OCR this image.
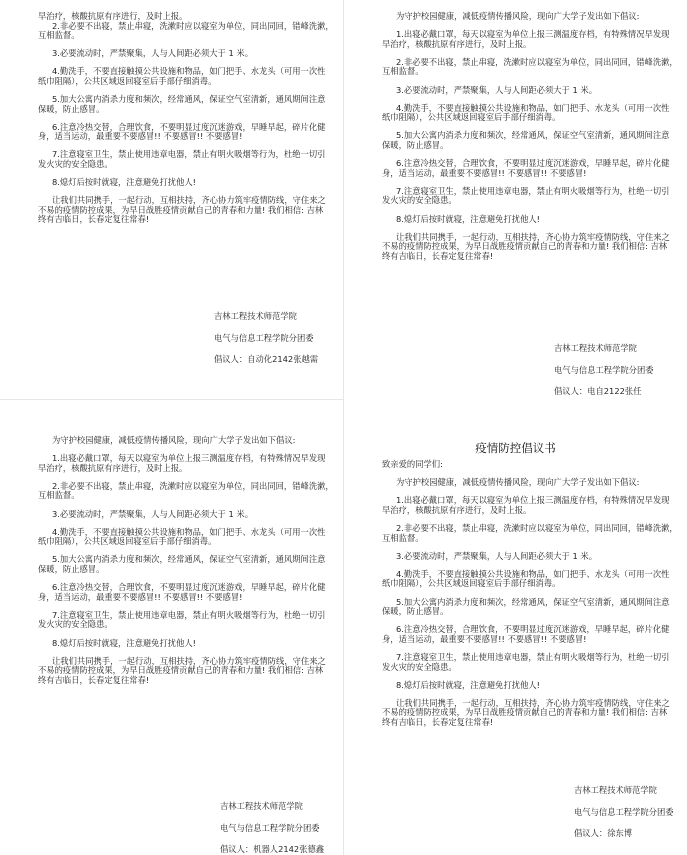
早治疗，核酸抗原有序进行，及时上报。

2.非必要不出寝，禁止串寝，洗漱时应以寝室为单位，同出同回，错峰洗漱，

互相监督。

3.必要流动时，严禁聚集，人与人间距必须大于 1 米。

4.勤洗手，不要直接触摸公共设施和物品，如门把手、水龙头（可用一次性

纸巾阻隔），公共区域返回寝室后手部仔细消毒。

5.加大公寓内消杀力度和频次，经常通风，保证空气室清新，通风期间注意

保暖，防止感冒。

6.注意冷热交替，合理饮食，不要明显过度沉迷游戏，早睡早起，碎片化健

身，适当运动，最重要不要感冒!! 不要感冒!! 不要感冒!

7.注意寝室卫生，禁止使用违章电器，禁止有明火吸烟等行为，杜绝一切引

发火灾的安全隐患。

8.熄灯后按时就寝，注意避免打扰他人!

让我们共同携手，一起行动，互相扶持，齐心协力筑牢疫情防线，守住来之

不易的疫情防控成果，为早日战胜疫情贡献自己的青春和力量! 我们相信: 吉林

终有吉临日，长春定复往常春!

吉林工程技术师范学院

电气与信息工程学院分团委

倡议人：自动化2142张越需

为守护校园健康，减低疫情传播风险，现向广大学子发出如下倡议:

1.出寝必戴口罩，每天以寝室为单位上报三测温度存档，有特殊情况早发现

早治疗，核酸抗原有序进行，及时上报。

2.非必要不出寝，禁止串寝，洗漱时应以寝室为单位，同出同回，错峰洗漱，

互相监督。

3.必要流动时，严禁聚集，人与人间距必须大于 1 米。

4.勤洗手，不要直接触摸公共设施和物品，如门把手、水龙头（可用一次性

纸巾阻隔），公共区域返回寝室后手部仔细消毒。

5.加大公寓内消杀力度和频次，经常通风，保证空气室清新，通风期间注意

保暖，防止感冒。

6.注意冷热交替，合理饮食，不要明显过度沉迷游戏，早睡早起，碎片化健

身，适当运动，最重要不要感冒!! 不要感冒!! 不要感冒!

7.注意寝室卫生，禁止使用违章电器，禁止有明火吸烟等行为，杜绝一切引

发火灾的安全隐患。

8.熄灯后按时就寝，注意避免打扰他人!

让我们共同携手，一起行动，互相扶持，齐心协力筑牢疫情防线，守住来之

不易的疫情防控成果，为早日战胜疫情贡献自己的青春和力量! 我们相信: 吉林

终有吉临日，长春定复往常春!

吉林工程技术师范学院

电气与信息工程学院分团委

倡议人：电自2122张任

为守护校园健康，减低疫情传播风险，现向广大学子发出如下倡议:

1.出寝必戴口罩，每天以寝室为单位上报三测温度存档，有特殊情况早发现

早治疗，核酸抗原有序进行，及时上报。

2.非必要不出寝，禁止串寝，洗漱时应以寝室为单位，同出同回，错峰洗漱，

互相监督。

3.必要流动时，严禁聚集，人与人间距必须大于 1 米。

4.勤洗手，不要直接触摸公共设施和物品，如门把手、水龙头（可用一次性

纸巾阻隔），公共区域返回寝室后手部仔细消毒。

5.加大公寓内消杀力度和频次，经常通风，保证空气室清新，通风期间注意

保暖，防止感冒。

6.注意冷热交替，合理饮食，不要明显过度沉迷游戏，早睡早起，碎片化健

身，适当运动，最重要不要感冒!! 不要感冒!! 不要感冒!

7.注意寝室卫生，禁止使用违章电器，禁止有明火吸烟等行为，杜绝一切引

发火灾的安全隐患。

8.熄灯后按时就寝，注意避免打扰他人!

让我们共同携手，一起行动，互相扶持，齐心协力筑牢疫情防线，守住来之

不易的疫情防控成果，为早日战胜疫情贡献自己的青春和力量! 我们相信: 吉林

终有吉临日，长春定复往常春!

吉林工程技术师范学院

电气与信息工程学院分团委

倡议人：机器人2142张德鑫

疫情防控倡议书

致亲爱的同学们:

为守护校园健康，减低疫情传播风险，现向广大学子发出如下倡议:

1.出寝必戴口罩，每天以寝室为单位上报三测温度存档，有特殊情况早发现

早治疗，核酸抗原有序进行，及时上报。

2.非必要不出寝，禁止串寝，洗漱时应以寝室为单位，同出同回，错峰洗漱，

互相监督。

3.必要流动时，严禁聚集，人与人间距必须大于 1 米。

4.勤洗手，不要直接触摸公共设施和物品，如门把手、水龙头（可用一次性

纸巾阻隔），公共区域返回寝室后手部仔细消毒。

5.加大公寓内消杀力度和频次，经常通风，保证空气室清新，通风期间注意

保暖，防止感冒。

6.注意冷热交替，合理饮食，不要明显过度沉迷游戏，早睡早起，碎片化健

身，适当运动，最重要不要感冒!! 不要感冒!! 不要感冒!

7.注意寝室卫生，禁止使用违章电器，禁止有明火吸烟等行为，杜绝一切引

发火灾的安全隐患。

8.熄灯后按时就寝，注意避免打扰他人!

让我们共同携手，一起行动，互相扶持，齐心协力筑牢疫情防线，守住来之

不易的疫情防控成果，为早日战胜疫情贡献自己的青春和力量! 我们相信: 吉林

终有吉临日，长春定复往常春!

吉林工程技术师范学院

电气与信息工程学院分团委

倡议人：徐东博
